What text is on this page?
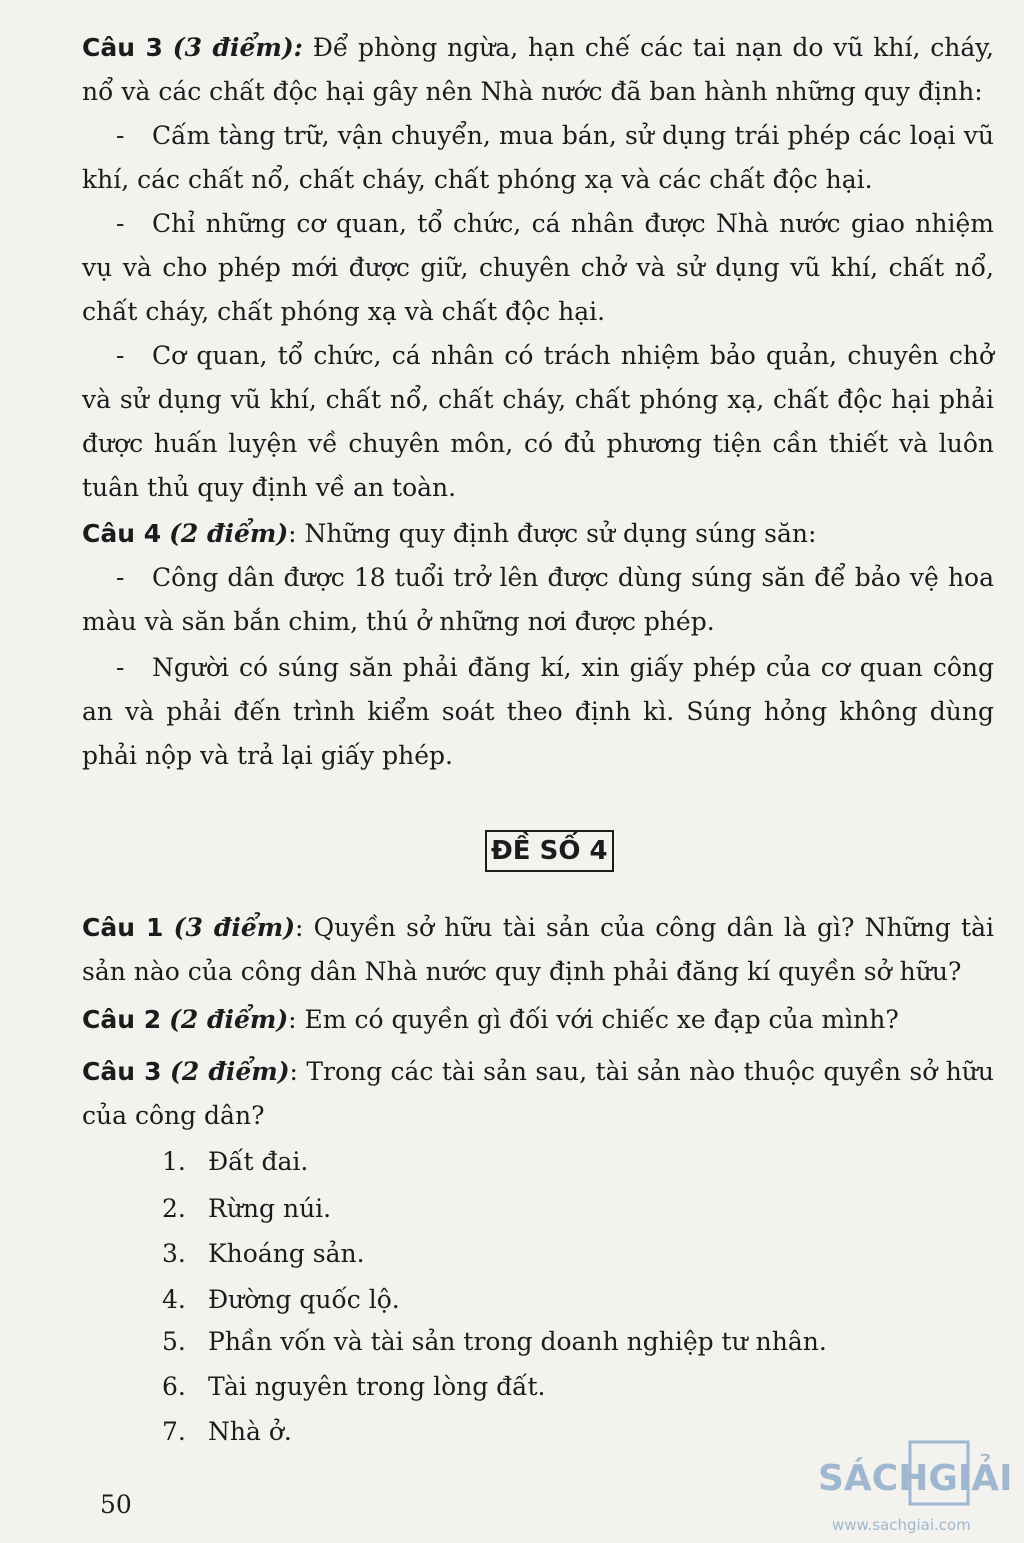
Câu 3 (3 điểm): Để phòng ngừa, hạn chế các tai nạn do vũ khí, cháy, nổ và các chất độc hại gây nên Nhà nước đã ban hành những quy định:
- Cấm tàng trữ, vận chuyển, mua bán, sử dụng trái phép các loại vũ khí, các chất nổ, chất cháy, chất phóng xạ và các chất độc hại.
- Chỉ những cơ quan, tổ chức, cá nhân được Nhà nước giao nhiệm vụ và cho phép mới được giữ, chuyên chở và sử dụng vũ khí, chất nổ, chất cháy, chất phóng xạ và chất độc hại.
- Cơ quan, tổ chức, cá nhân có trách nhiệm bảo quản, chuyên chở và sử dụng vũ khí, chất nổ, chất cháy, chất phóng xạ, chất độc hại phải được huấn luyện về chuyên môn, có đủ phương tiện cần thiết và luôn tuân thủ quy định về an toàn.
Câu 4 (2 điểm): Những quy định được sử dụng súng săn:
- Công dân được 18 tuổi trở lên được dùng súng săn để bảo vệ hoa màu và săn bắn chim, thú ở những nơi được phép.
- Người có súng săn phải đăng kí, xin giấy phép của cơ quan công an và phải đến trình kiểm soát theo định kì. Súng hỏng không dùng phải nộp và trả lại giấy phép.
ĐỀ SỐ 4
Câu 1 (3 điểm): Quyền sở hữu tài sản của công dân là gì? Những tài sản nào của công dân Nhà nước quy định phải đăng kí quyền sở hữu?
Câu 2 (2 điểm): Em có quyền gì đối với chiếc xe đạp của mình?
Câu 3 (2 điểm): Trong các tài sản sau, tài sản nào thuộc quyền sở hữu của công dân?
1. Đất đai.
2. Rừng núi.
3. Khoáng sản.
4. Đường quốc lộ.
5. Phần vốn và tài sản trong doanh nghiệp tư nhân.
6. Tài nguyên trong lòng đất.
7. Nhà ở.
50
SÁCHGIẢI
www.sachgiai.com
